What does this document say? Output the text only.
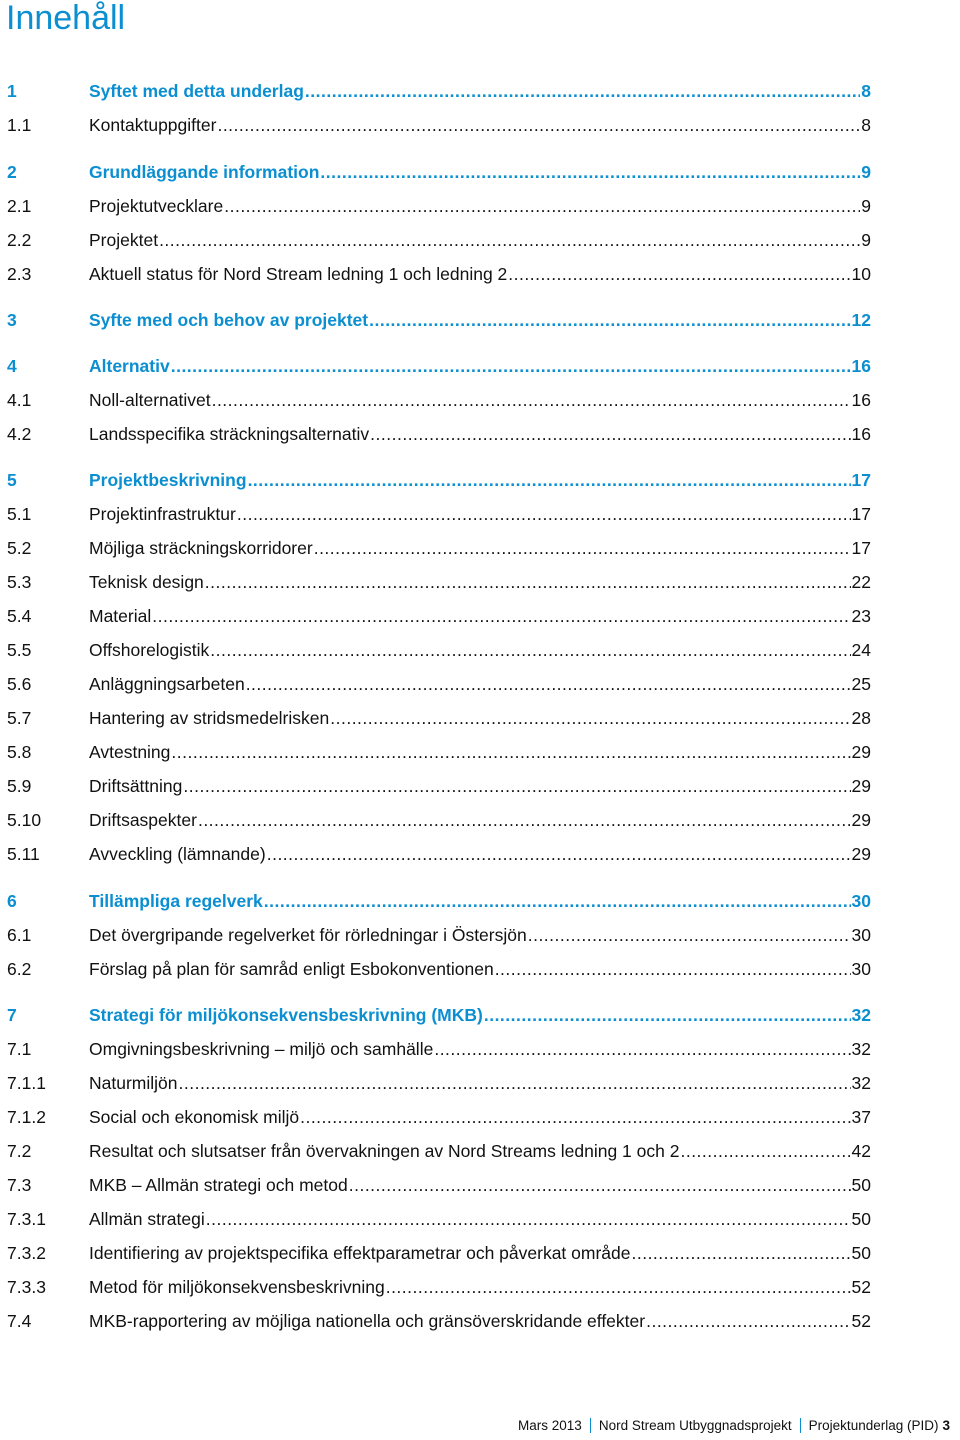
Innehåll
1	Syftet med detta underlag .....	8
1.1	Kontaktuppgifter .....	8
2	Grundläggande information .....	9
2.1	Projektutvecklare .....	9
2.2	Projektet .....	9
2.3	Aktuell status för Nord Stream ledning 1 och ledning 2 .....	10
3	Syfte med och behov av projektet .....	12
4	Alternativ .....	16
4.1	Noll-alternativet .....	16
4.2	Landsspecifika sträckningsalternativ .....	16
5	Projektbeskrivning .....	17
5.1	Projektinfrastruktur .....	17
5.2	Möjliga sträckningskorridorer .....	17
5.3	Teknisk design .....	22
5.4	Material .....	23
5.5	Offshorelogistik .....	24
5.6	Anläggningsarbeten .....	25
5.7	Hantering av stridsmedelrisken .....	28
5.8	Avtestning .....	29
5.9	Driftsättning .....	29
5.10	Driftsaspekter .....	29
5.11	Avveckling (lämnande) .....	29
6	Tillämpliga regelverk .....	30
6.1	Det övergripande regelverket för rörledningar i Östersjön .....	30
6.2	Förslag på plan för samråd enligt Esbokonventionen .....	30
7	Strategi för miljökonsekvensbeskrivning (MKB) .....	32
7.1	Omgivningsbeskrivning – miljö och samhälle .....	32
7.1.1	Naturmiljön .....	32
7.1.2	Social och ekonomisk miljö .....	37
7.2	Resultat och slutsatser från övervakningen av Nord Streams ledning 1 och 2 .....	42
7.3	MKB – Allmän strategi och metod .....	50
7.3.1	Allmän strategi .....	50
7.3.2	Identifiering av projektspecifika effektparametrar och påverkat område .....	50
7.3.3	Metod för miljökonsekvensbeskrivning .....	52
7.4	MKB-rapportering av möjliga nationella och gränsöverskridande effekter .....	52
Mars 2013 Nord Stream Utbyggnadsprojekt Projektunderlag (PID) 3
